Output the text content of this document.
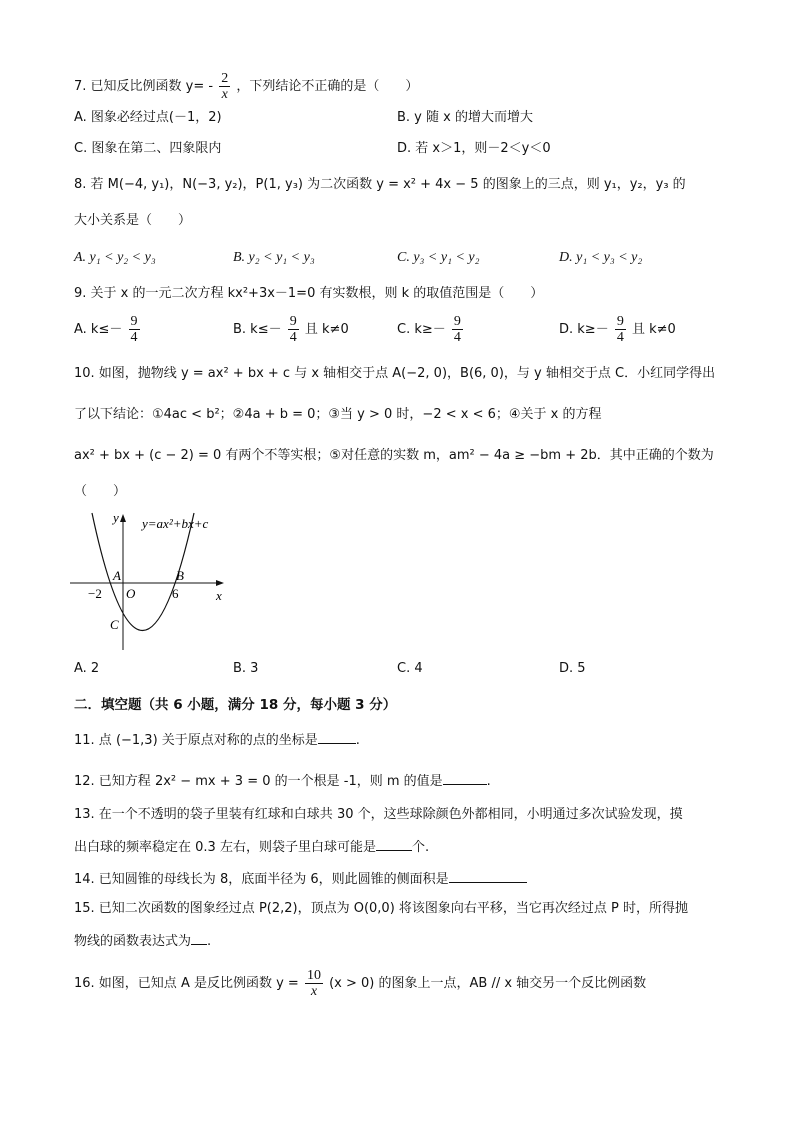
7. 已知反比例函数 $y= - \frac{2}{x}$ ，下列结论不正确的是（　　）
A. 图象必经过点(－1，2)	B. y 随 x 的增大而增大
C. 图象在第二、四象限内	D. 若 x＞1，则－2＜y＜0
8. 若 M(−4, y₁)，N(−3, y₂)，P(1, y₃) 为二次函数 y = x² + 4x − 5 的图象上的三点，则 y₁，y₂，y₃ 的
大小关系是（　　）
A. y₁ < y₂ < y₃	B. y₂ < y₁ < y₃	C. y₃ < y₁ < y₂	D. y₁ < y₃ < y₂
9. 关于 x 的一元二次方程 kx²+3x－1=0 有实数根，则 k 的取值范围是（　　）
A. $k\le- \frac{9}{4}$	B. $k\le- \frac{9}{4}$ 且 k≠0	C. $k\ge- \frac{9}{4}$	D. $k\ge- \frac{9}{4}$ 且 k≠0
10. 如图，抛物线 y = ax² + bx + c 与 x 轴相交于点 A(−2, 0)，B(6, 0)，与 y 轴相交于点 C．小红同学得出
了以下结论：①4ac < b²；②4a + b = 0；③当 y > 0 时，−2 < x < 6；④关于 x 的方程
ax² + bx + (c − 2) = 0 有两个不等实根；⑤对任意的实数 m，am² − 4a ≥ −bm + 2b．其中正确的个数为
（　　）
y y=ax²+bx+c
A	B
−2 O	6	x
C
A. 2	B. 3	C. 4	D. 5
二．填空题（共 6 小题，满分 18 分，每小题 3 分）
11. 点 (−1,3) 关于原点对称的点的坐标是	.
12. 已知方程 2x² − mx + 3 = 0 的一个根是 -1，则 m 的值是	.
13. 在一个不透明的袋子里装有红球和白球共 30 个，这些球除颜色外都相同，小明通过多次试验发现，摸
出白球的频率稳定在 0.3 左右，则袋子里白球可能是	个.
14. 已知圆锥的母线长为 8，底面半径为 6，则此圆锥的侧面积是
15. 已知二次函数的图象经过点 P(2,2)，顶点为 O(0,0) 将该图象向右平移，当它再次经过点 P 时，所得抛
物线的函数表达式为 .
16. 如图，已知点 A 是反比例函数 $y = \frac{10}{x} (x > 0)$ 的图象上一点，AB // x 轴交另一个反比例函数
